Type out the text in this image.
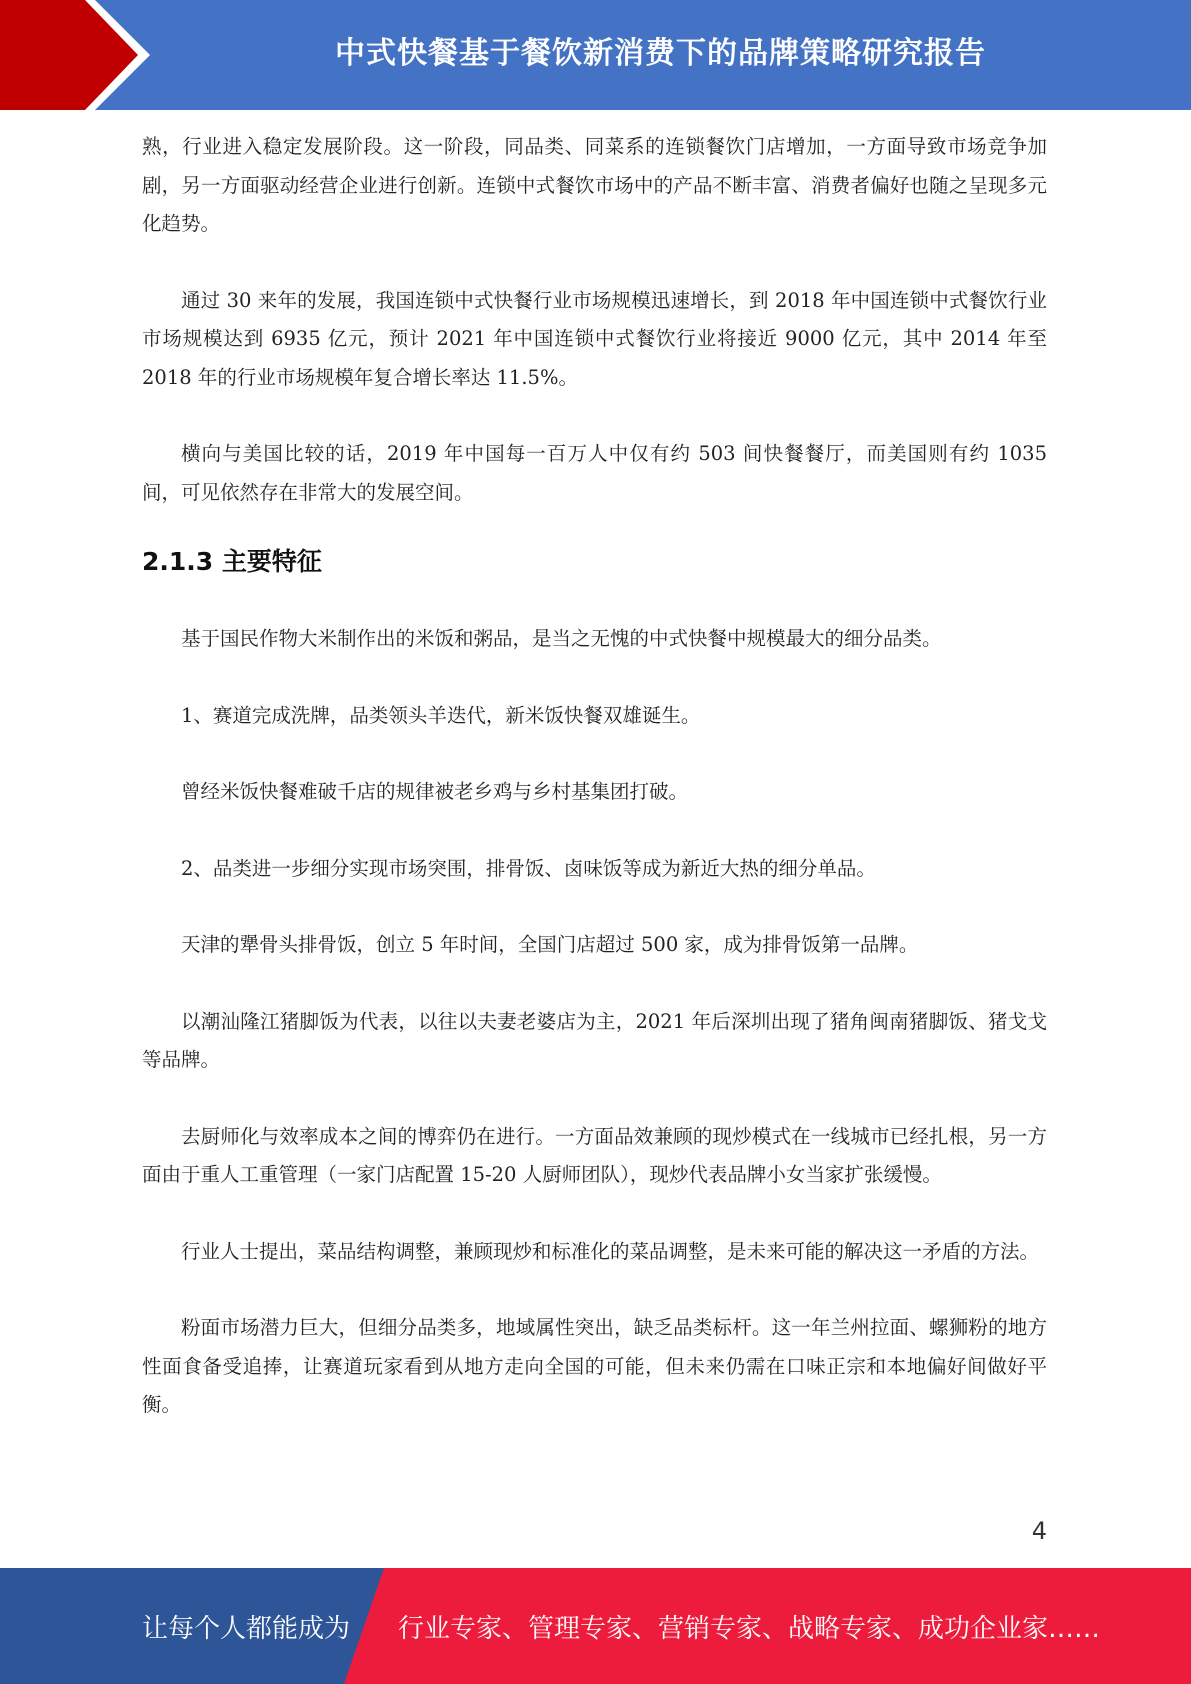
中式快餐基于餐饮新消费下的品牌策略研究报告

熟，行业进入稳定发展阶段。这一阶段，同品类、同菜系的连锁餐饮门店增加，一方面导致市场竞争加剧，另一方面驱动经营企业进行创新。连锁中式餐饮市场中的产品不断丰富、消费者偏好也随之呈现多元化趋势。

通过 30 来年的发展，我国连锁中式快餐行业市场规模迅速增长，到 2018 年中国连锁中式餐饮行业市场规模达到 6935 亿元，预计 2021 年中国连锁中式餐饮行业将接近 9000 亿元，其中 2014 年至 2018 年的行业市场规模年复合增长率达 11.5%。

横向与美国比较的话，2019 年中国每一百万人中仅有约 503 间快餐餐厅，而美国则有约 1035 间，可见依然存在非常大的发展空间。

2.1.3 主要特征

基于国民作物大米制作出的米饭和粥品，是当之无愧的中式快餐中规模最大的细分品类。

1、赛道完成洗牌，品类领头羊迭代，新米饭快餐双雄诞生。

曾经米饭快餐难破千店的规律被老乡鸡与乡村基集团打破。

2、品类进一步细分实现市场突围，排骨饭、卤味饭等成为新近大热的细分单品。

天津的犟骨头排骨饭，创立 5 年时间，全国门店超过 500 家，成为排骨饭第一品牌。

以潮汕隆江猪脚饭为代表，以往以夫妻老婆店为主，2021 年后深圳出现了猪角闽南猪脚饭、猪戈戈等品牌。

去厨师化与效率成本之间的博弈仍在进行。一方面品效兼顾的现炒模式在一线城市已经扎根，另一方面由于重人工重管理（一家门店配置 15-20 人厨师团队），现炒代表品牌小女当家扩张缓慢。

行业人士提出，菜品结构调整，兼顾现炒和标准化的菜品调整，是未来可能的解决这一矛盾的方法。

粉面市场潜力巨大，但细分品类多，地域属性突出，缺乏品类标杆。这一年兰州拉面、螺狮粉的地方性面食备受追捧，让赛道玩家看到从地方走向全国的可能，但未来仍需在口味正宗和本地偏好间做好平衡。

4
让每个人都能成为 行业专家、管理专家、营销专家、战略专家、成功企业家……
